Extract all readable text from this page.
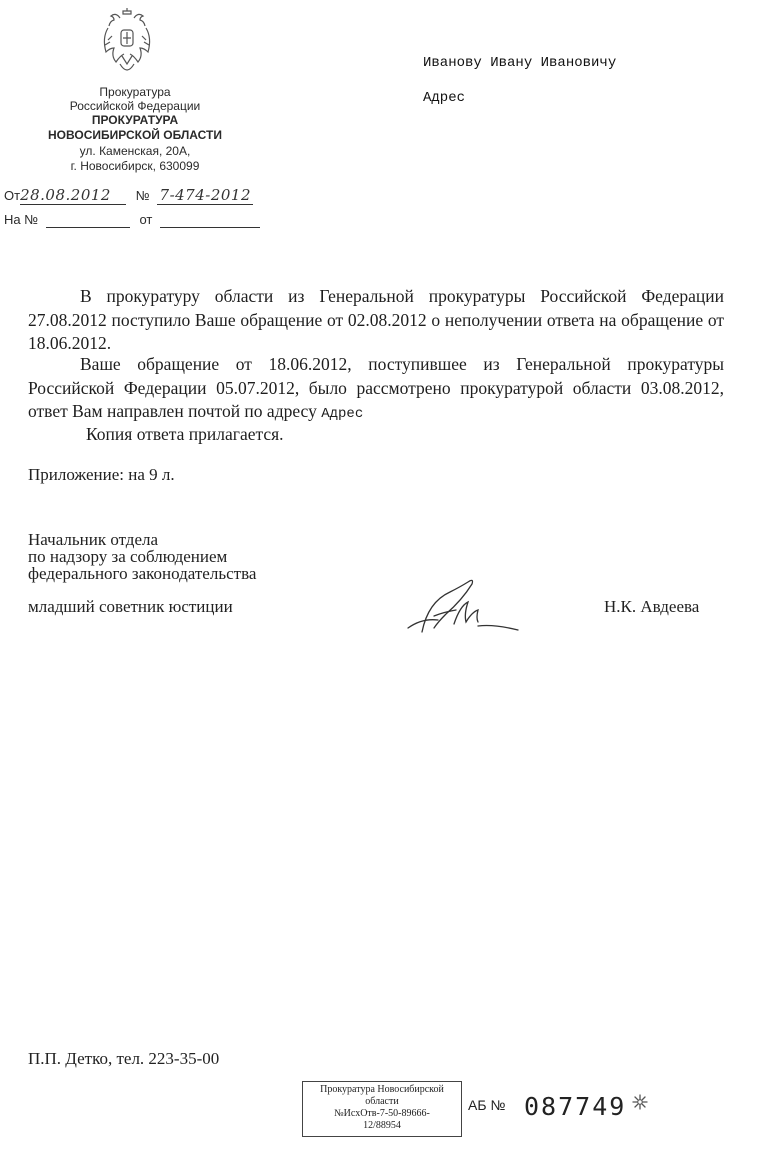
Прокуратура
Российской Федерации
ПРОКУРАТУРА
НОВОСИБИРСКОЙ ОБЛАСТИ
ул. Каменская, 20А,
г. Новосибирск, 630099
От28.08.2012 № 7-474-2012
На №	от
Иванову Ивану Ивановичу
Адрес
В прокуратуру области из Генеральной прокуратуры Российской Федерации 27.08.2012 поступило Ваше обращение от 02.08.2012 о неполучении ответа на обращение от 18.06.2012.
Ваше обращение от 18.06.2012, поступившее из Генеральной прокуратуры Российской Федерации 05.07.2012, было рассмотрено прокуратурой области 03.08.2012, ответ Вам направлен почтой по адресу Адрес
Копия ответа прилагается.
Приложение: на 9 л.
Начальник отдела
по надзору за соблюдением
федерального законодательства
младший советник юстиции	Н.К. Авдеева
П.П. Детко, тел. 223-35-00
Прокуратура Новосибирской
области
№ИсхОтв-7-50-89666-
12/88954
АБ № 087749
